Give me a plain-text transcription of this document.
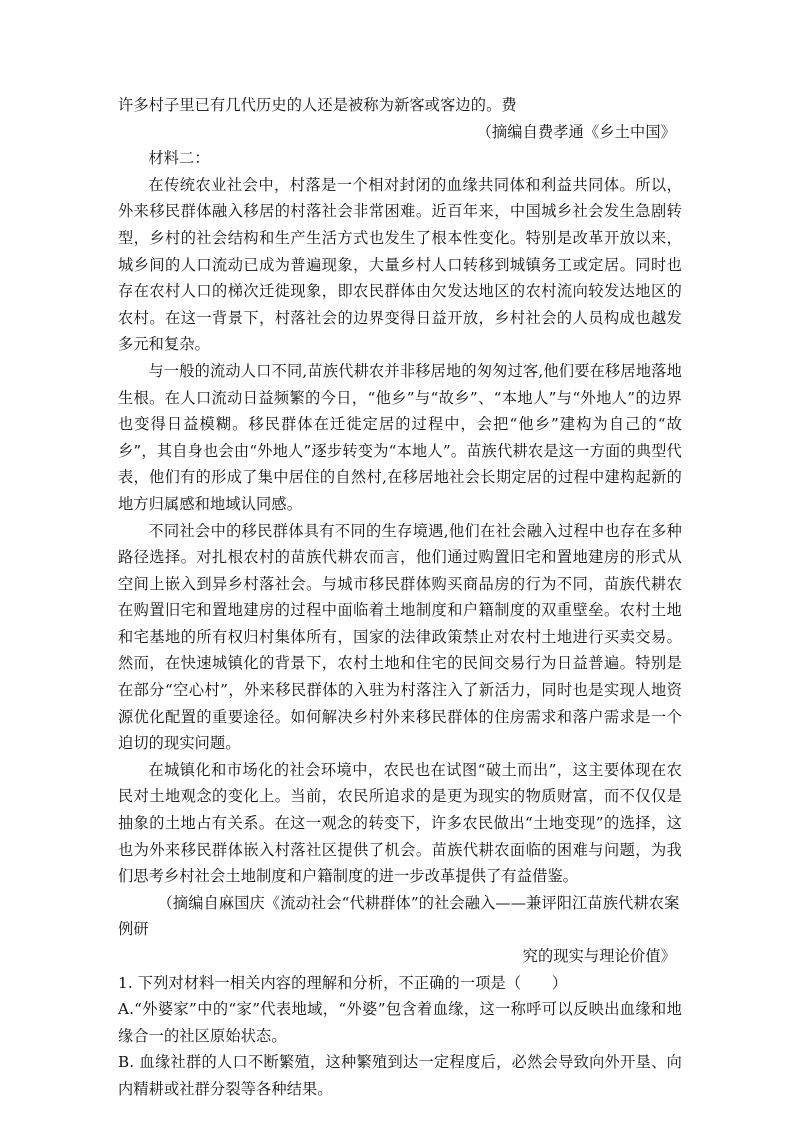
许多村子里已有几代历史的人还是被称为新客或客边的。费

（摘编自费孝通《乡土中国》

材料二：

在传统农业社会中，村落是一个相对封闭的血缘共同体和利益共同体。所以，外来移民群体融入移居的村落社会非常困难。近百年来，中国城乡社会发生急剧转型，乡村的社会结构和生产生活方式也发生了根本性变化。特别是改革开放以来，城乡间的人口流动已成为普遍现象，大量乡村人口转移到城镇务工或定居。同时也存在农村人口的梯次迁徙现象，即农民群体由欠发达地区的农村流向较发达地区的农村。在这一背景下，村落社会的边界变得日益开放，乡村社会的人员构成也越发多元和复杂。

与一般的流动人口不同,苗族代耕农并非移居地的匆匆过客,他们要在移居地落地生根。在人口流动日益频繁的今日，“他乡”与“故乡”、“本地人”与“外地人”的边界也变得日益模糊。移民群体在迁徙定居的过程中，会把“他乡”建构为自己的“故乡”，其自身也会由“外地人”逐步转变为“本地人”。苗族代耕农是这一方面的典型代表，他们有的形成了集中居住的自然村,在移居地社会长期定居的过程中建构起新的地方归属感和地域认同感。

不同社会中的移民群体具有不同的生存境遇,他们在社会融入过程中也存在多种路径选择。对扎根农村的苗族代耕农而言，他们通过购置旧宅和置地建房的形式从空间上嵌入到异乡村落社会。与城市移民群体购买商品房的行为不同，苗族代耕农在购置旧宅和置地建房的过程中面临着土地制度和户籍制度的双重壁垒。农村土地和宅基地的所有权归村集体所有，国家的法律政策禁止对农村土地进行买卖交易。然而，在快速城镇化的背景下，农村土地和住宅的民间交易行为日益普遍。特别是在部分“空心村”，外来移民群体的入驻为村落注入了新活力，同时也是实现人地资源优化配置的重要途径。如何解决乡村外来移民群体的住房需求和落户需求是一个迫切的现实问题。

在城镇化和市场化的社会环境中，农民也在试图“破土而出”，这主要体现在农民对土地观念的变化上。当前，农民所追求的是更为现实的物质财富，而不仅仅是抽象的土地占有关系。在这一观念的转变下，许多农民做出“土地变现”的选择，这也为外来移民群体嵌入村落社区提供了机会。苗族代耕农面临的困难与问题，为我们思考乡村社会土地制度和户籍制度的进一步改革提供了有益借鉴。

（摘编自麻国庆《流动社会“代耕群体”的社会融入——兼评阳江苗族代耕农案例研

究的现实与理论价值》

1. 下列对材料一相关内容的理解和分析，不正确的一项是（　　）

A.“外婆家”中的“家”代表地域，“外婆”包含着血缘，这一称呼可以反映出血缘和地缘合一的社区原始状态。

B. 血缘社群的人口不断繁殖，这种繁殖到达一定程度后，必然会导致向外开垦、向内精耕或社群分裂等各种结果。
